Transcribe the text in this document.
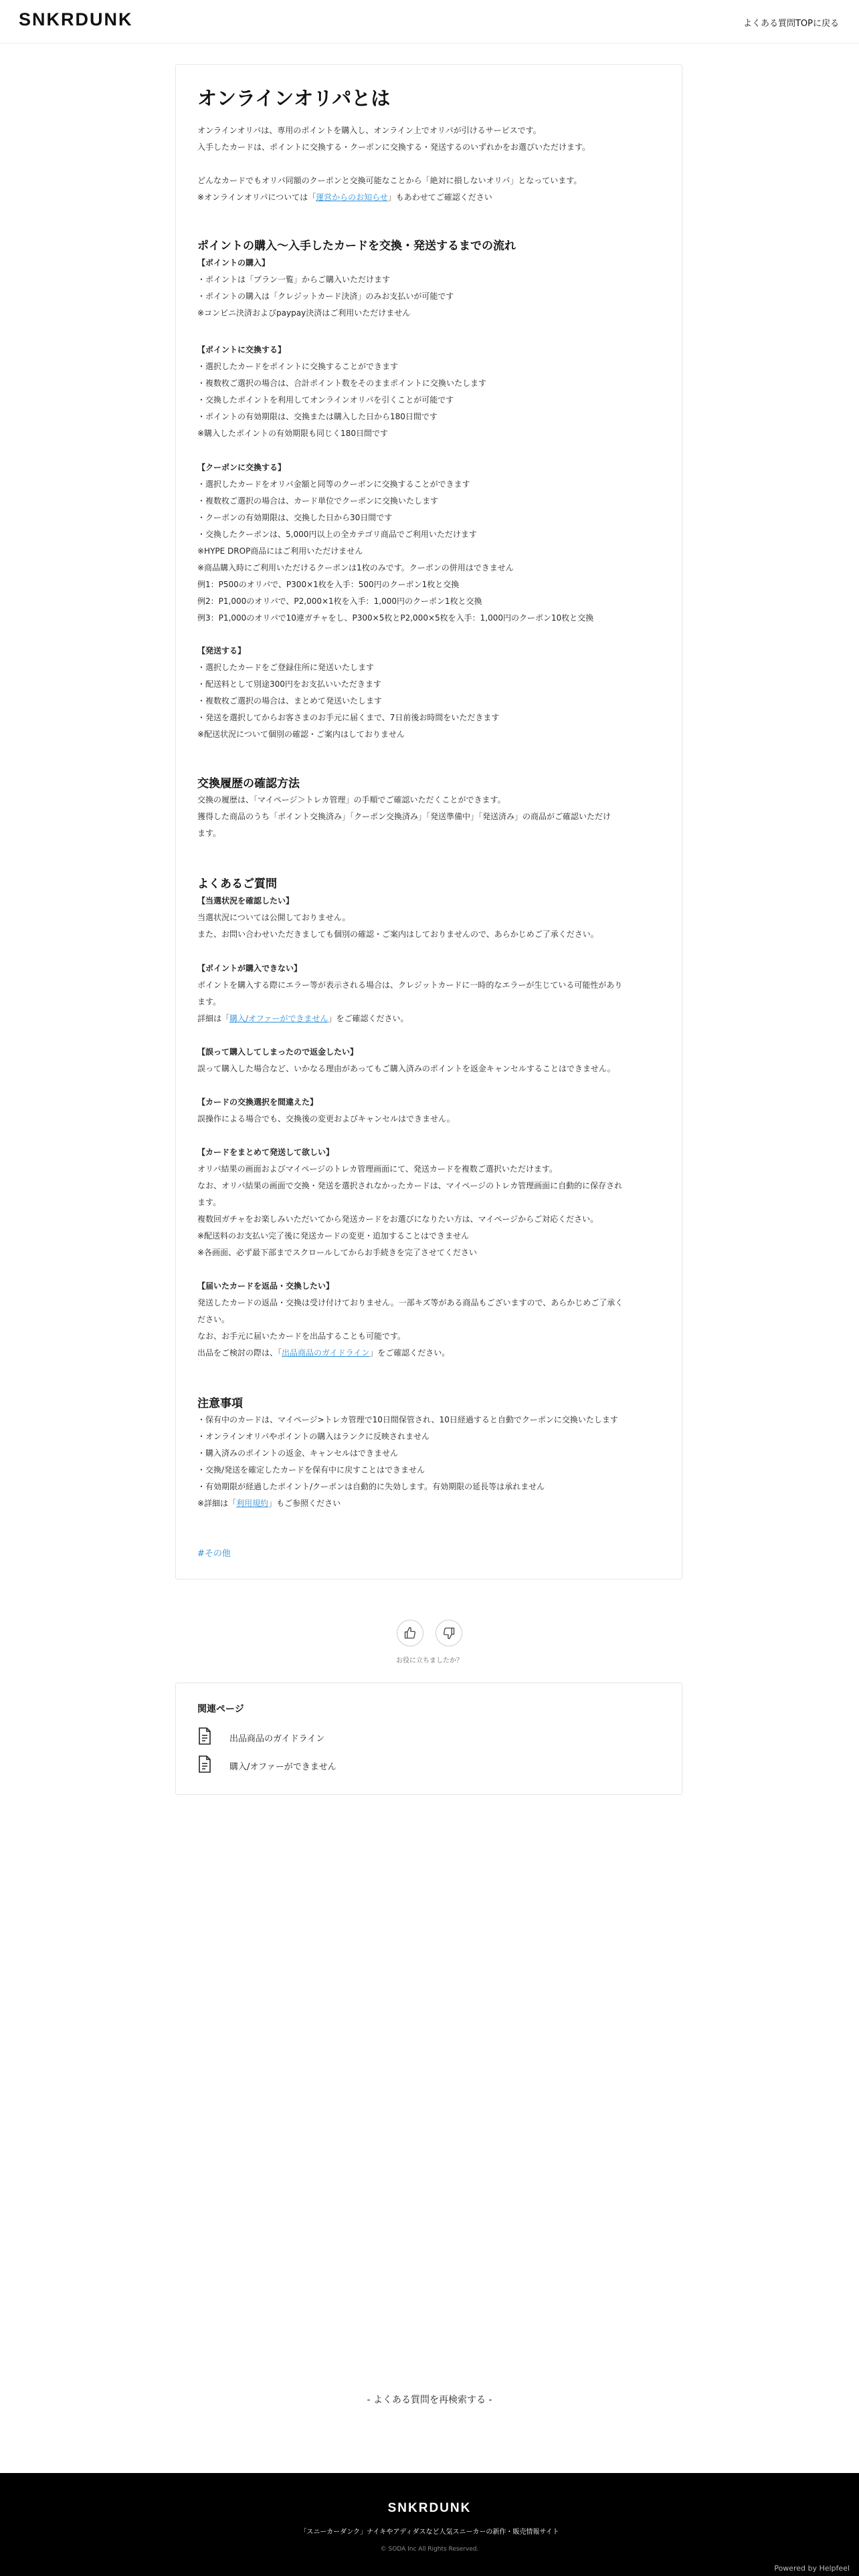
SNKRDUNK	よくある質問TOPに戻る
オンラインオリパとは
オンラインオリパは、専用のポイントを購入し、オンライン上でオリパが引けるサービスです。
入手したカードは、ポイントに交換する・クーポンに交換する・発送するのいずれかをお選びいただけます。

どんなカードでもオリパ同額のクーポンと交換可能なことから「絶対に損しないオリパ」となっています。
※オンラインオリパについては「運営からのお知らせ」もあわせてご確認ください
ポイントの購入〜入手したカードを交換・発送するまでの流れ
【ポイントの購入】
・ポイントは「プラン一覧」からご購入いただけます
・ポイントの購入は「クレジットカード決済」のみお支払いが可能です
※コンビニ決済およびpaypay決済はご利用いただけません
【ポイントに交換する】
・選択したカードをポイントに交換することができます
・複数枚ご選択の場合は、合計ポイント数をそのままポイントに交換いたします
・交換したポイントを利用してオンラインオリパを引くことが可能です
・ポイントの有効期限は、交換または購入した日から180日間です
※購入したポイントの有効期限も同じく180日間です
【クーポンに交換する】
・選択したカードをオリパ金額と同等のクーポンに交換することができます
・複数枚ご選択の場合は、カード単位でクーポンに交換いたします
・クーポンの有効期限は、交換した日から30日間です
・交換したクーポンは、5,000円以上の全カテゴリ商品でご利用いただけます
※HYPE DROP商品にはご利用いただけません
※商品購入時にご利用いただけるクーポンは1枚のみです。クーポンの併用はできません
例1：P500のオリパで、P300×1枚を入手：500円のクーポン1枚と交換
例2：P1,000のオリパで、P2,000×1枚を入手：1,000円のクーポン1枚と交換
例3：P1,000のオリパで10連ガチャをし、P300×5枚とP2,000×5枚を入手：1,000円のクーポン10枚と交換
【発送する】
・選択したカードをご登録住所に発送いたします
・配送料として別途300円をお支払いいただきます
・複数枚ご選択の場合は、まとめて発送いたします
・発送を選択してからお客さまのお手元に届くまで、7日前後お時間をいただきます
※配送状況について個別の確認・ご案内はしておりません
交換履歴の確認方法
交換の履歴は、「マイページ＞トレカ管理」の手順でご確認いただくことができます。
獲得した商品のうち「ポイント交換済み」「クーポン交換済み」「発送準備中」「発送済み」の商品がご確認いただけ
ます。
よくあるご質問
【当選状況を確認したい】
当選状況については公開しておりません。
また、お問い合わせいただきましても個別の確認・ご案内はしておりませんので、あらかじめご了承ください。
【ポイントが購入できない】
ポイントを購入する際にエラー等が表示される場合は、クレジットカードに一時的なエラーが生じている可能性があり
ます。
詳細は「購入/オファーができません」をご確認ください。
【誤って購入してしまったので返金したい】
誤って購入した場合など、いかなる理由があってもご購入済みのポイントを返金キャンセルすることはできません。
【カードの交換選択を間違えた】
誤操作による場合でも、交換後の変更およびキャンセルはできません。
【カードをまとめて発送して欲しい】
オリパ結果の画面およびマイページのトレカ管理画面にて、発送カードを複数ご選択いただけます。
なお、オリパ結果の画面で交換・発送を選択されなかったカードは、マイページのトレカ管理画面に自動的に保存され
ます。
複数回ガチャをお楽しみいただいてから発送カードをお選びになりたい方は、マイページからご対応ください。
※配送料のお支払い完了後に発送カードの変更・追加することはできません
※各画面、必ず最下部までスクロールしてからお手続きを完了させてください
【届いたカードを返品・交換したい】
発送したカードの返品・交換は受け付けておりません。一部キズ等がある商品もございますので、あらかじめご了承く
ださい。
なお、お手元に届いたカードを出品することも可能です。
出品をご検討の際は、「出品商品のガイドライン」をご確認ください。
注意事項
・保有中のカードは、マイページ>トレカ管理で10日間保管され、10日経過すると自動でクーポンに交換いたします
・オンラインオリパやポイントの購入はランクに反映されません
・購入済みのポイントの返金、キャンセルはできません
・交換/発送を確定したカードを保有中に戻すことはできません
・有効期限が経過したポイント/クーポンは自動的に失効します。有効期限の延長等は承れません
※詳細は「利用規約」もご参照ください
#その他

お役に立ちましたか？
関連ページ
出品商品のガイドライン
購入/オファーができません
- よくある質問を再検索する -
SNKRDUNK
「スニーカーダンク」ナイキやアディダスなど人気スニーカーの新作・販売情報サイト
© SODA Inc All Rights Reserved.
Powered by Helpfeel
